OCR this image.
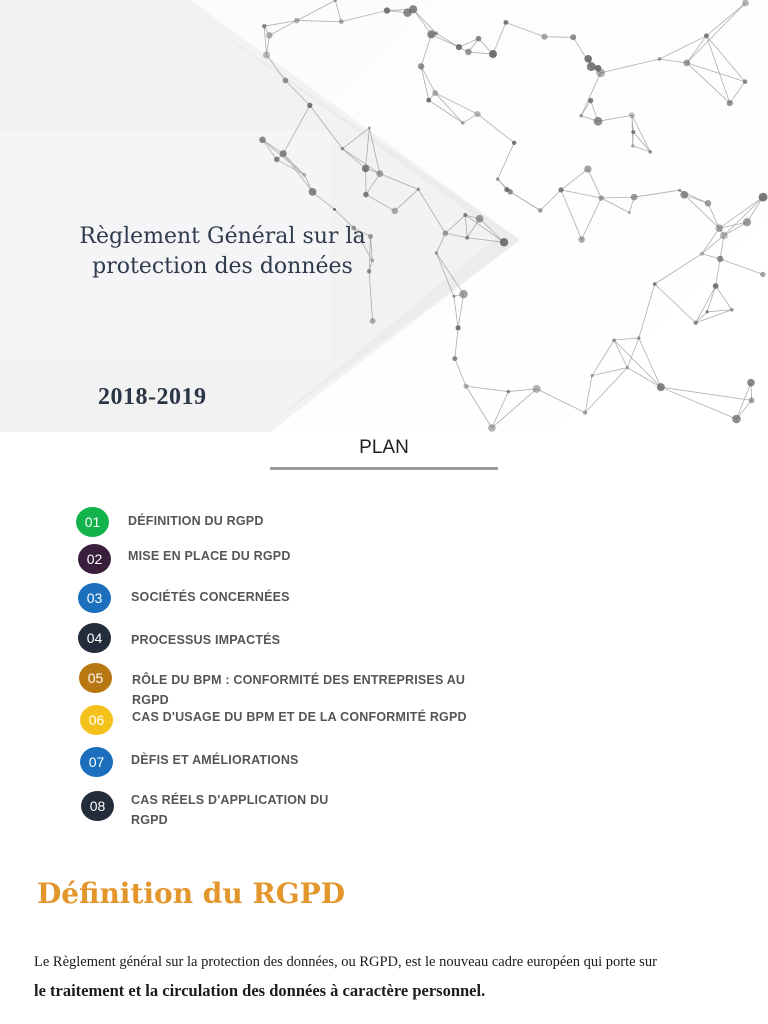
Règlement Général sur la protection des données
2018-2019
PLAN
01	DÉFINITION DU RGPD
02	MISE EN PLACE DU RGPD
03	SOCIÉTÉS CONCERNÉES
04	PROCESSUS IMPACTÉS
05	RÔLE DU BPM : CONFORMITÉ DES ENTREPRISES AU RGPD
06	CAS D'USAGE DU BPM ET DE LA CONFORMITÉ RGPD
07	DÈFIS ET AMÉLIORATIONS
08	CAS RÉELS D'APPLICATION DU RGPD
Définition du RGPD
Le Règlement général sur la protection des données, ou RGPD, est le nouveau cadre européen qui porte sur
le traitement et la circulation des données à caractère personnel.
